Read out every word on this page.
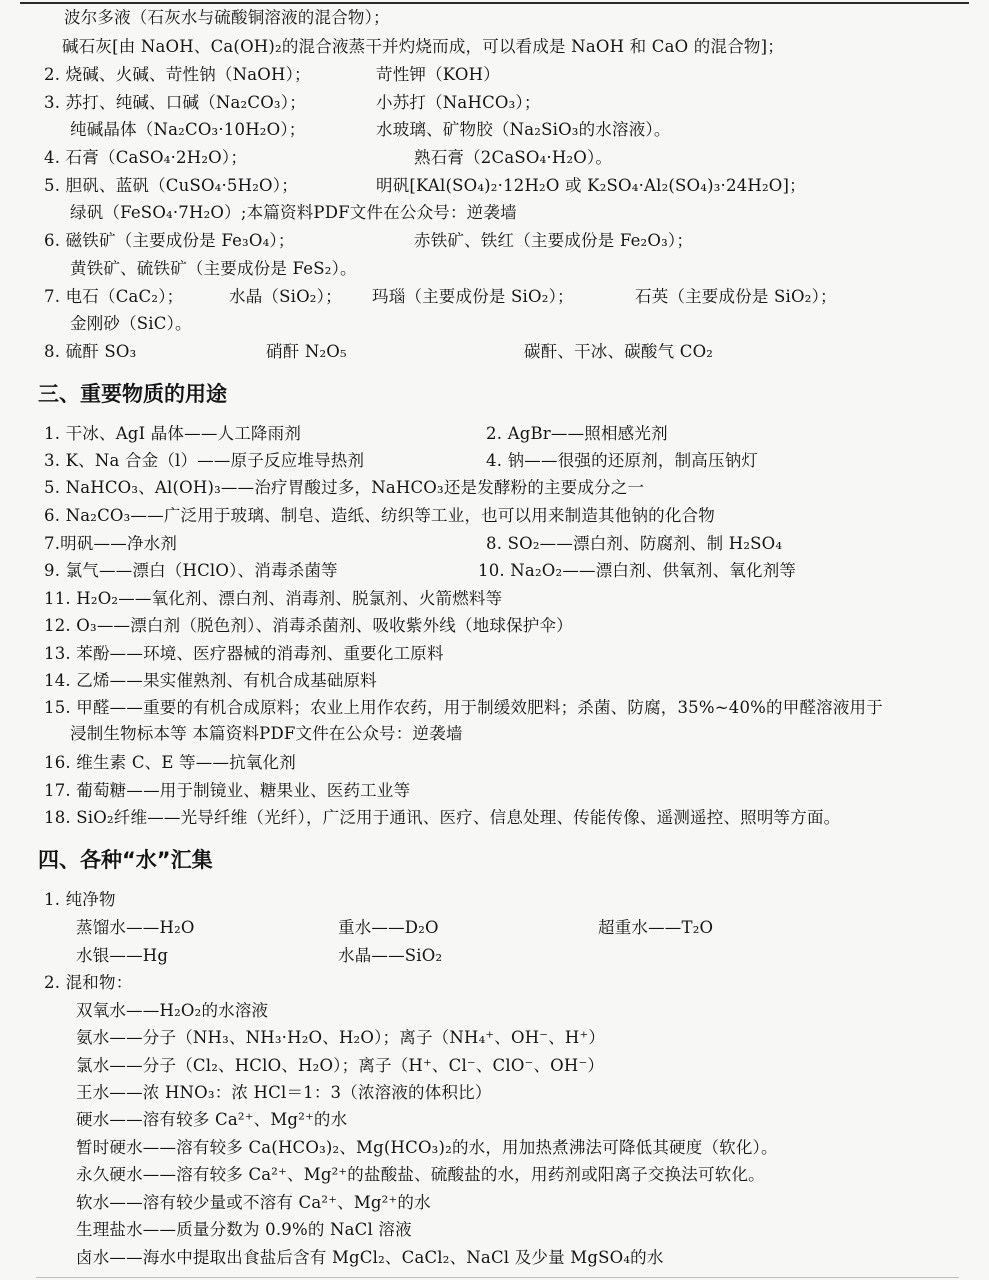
波尔多液（石灰水与硫酸铜溶液的混合物）；
碱石灰[由 NaOH、Ca(OH)₂的混合液蒸干并灼烧而成，可以看成是 NaOH 和 CaO 的混合物]；
2. 烧碱、火碱、苛性钠（NaOH）；	苛性钾（KOH）
3. 苏打、纯碱、口碱（Na₂CO₃）；	小苏打（NaHCO₃）；
纯碱晶体（Na₂CO₃·10H₂O）；	水玻璃、矿物胶（Na₂SiO₃的水溶液）。
4. 石膏（CaSO₄·2H₂O）；	熟石膏（2CaSO₄·H₂O）。
5. 胆矾、蓝矾（CuSO₄·5H₂O）；	明矾[KAl(SO₄)₂·12H₂O 或 K₂SO₄·Al₂(SO₄)₃·24H₂O]；
绿矾（FeSO₄·7H₂O）;本篇资料PDF文件在公众号：逆袭墙
6. 磁铁矿（主要成份是 Fe₃O₄）；	赤铁矿、铁红（主要成份是 Fe₂O₃）；
黄铁矿、硫铁矿（主要成份是 FeS₂）。
7. 电石（CaC₂）；	水晶（SiO₂）； 玛瑙（主要成份是 SiO₂）；	石英（主要成份是 SiO₂）；
金刚砂（SiC）。
8. 硫酐 SO₃	硝酐 N₂O₅	碳酐、干冰、碳酸气 CO₂
三、重要物质的用途
1. 干冰、AgI 晶体——人工降雨剂	2. AgBr——照相感光剂
3. K、Na 合金（l）——原子反应堆导热剂	4. 钠——很强的还原剂，制高压钠灯
5. NaHCO₃、Al(OH)₃——治疗胃酸过多，NaHCO₃还是发酵粉的主要成分之一
6. Na₂CO₃——广泛用于玻璃、制皂、造纸、纺织等工业，也可以用来制造其他钠的化合物
7.明矾——净水剂	8. SO₂——漂白剂、防腐剂、制 H₂SO₄
9. 氯气——漂白（HClO）、消毒杀菌等	10. Na₂O₂——漂白剂、供氧剂、氧化剂等
11. H₂O₂——氧化剂、漂白剂、消毒剂、脱氯剂、火箭燃料等
12. O₃——漂白剂（脱色剂）、消毒杀菌剂、吸收紫外线（地球保护伞）
13. 苯酚——环境、医疗器械的消毒剂、重要化工原料
14. 乙烯——果实催熟剂、有机合成基础原料
15. 甲醛——重要的有机合成原料；农业上用作农药，用于制缓效肥料；杀菌、防腐，35%~40%的甲醛溶液用于
浸制生物标本等 本篇资料PDF文件在公众号：逆袭墙
16. 维生素 C、E 等——抗氧化剂
17. 葡萄糖——用于制镜业、糖果业、医药工业等
18. SiO₂纤维——光导纤维（光纤），广泛用于通讯、医疗、信息处理、传能传像、遥测遥控、照明等方面。
四、各种“水”汇集
1. 纯净物
蒸馏水——H₂O	重水——D₂O	超重水——T₂O
水银——Hg	水晶——SiO₂
2. 混和物：
双氧水——H₂O₂的水溶液
氨水——分子（NH₃、NH₃·H₂O、H₂O）；离子（NH₄⁺、OH⁻、H⁺）
氯水——分子（Cl₂、HClO、H₂O）；离子（H⁺、Cl⁻、ClO⁻、OH⁻）
王水——浓 HNO₃：浓 HCl＝1：3（浓溶液的体积比）
硬水——溶有较多 Ca²⁺、Mg²⁺的水
暂时硬水——溶有较多 Ca(HCO₃)₂、Mg(HCO₃)₂的水，用加热煮沸法可降低其硬度（软化）。
永久硬水——溶有较多 Ca²⁺、Mg²⁺的盐酸盐、硫酸盐的水，用药剂或阳离子交换法可软化。
软水——溶有较少量或不溶有 Ca²⁺、Mg²⁺的水
生理盐水——质量分数为 0.9%的 NaCl 溶液
卤水——海水中提取出食盐后含有 MgCl₂、CaCl₂、NaCl 及少量 MgSO₄的水
